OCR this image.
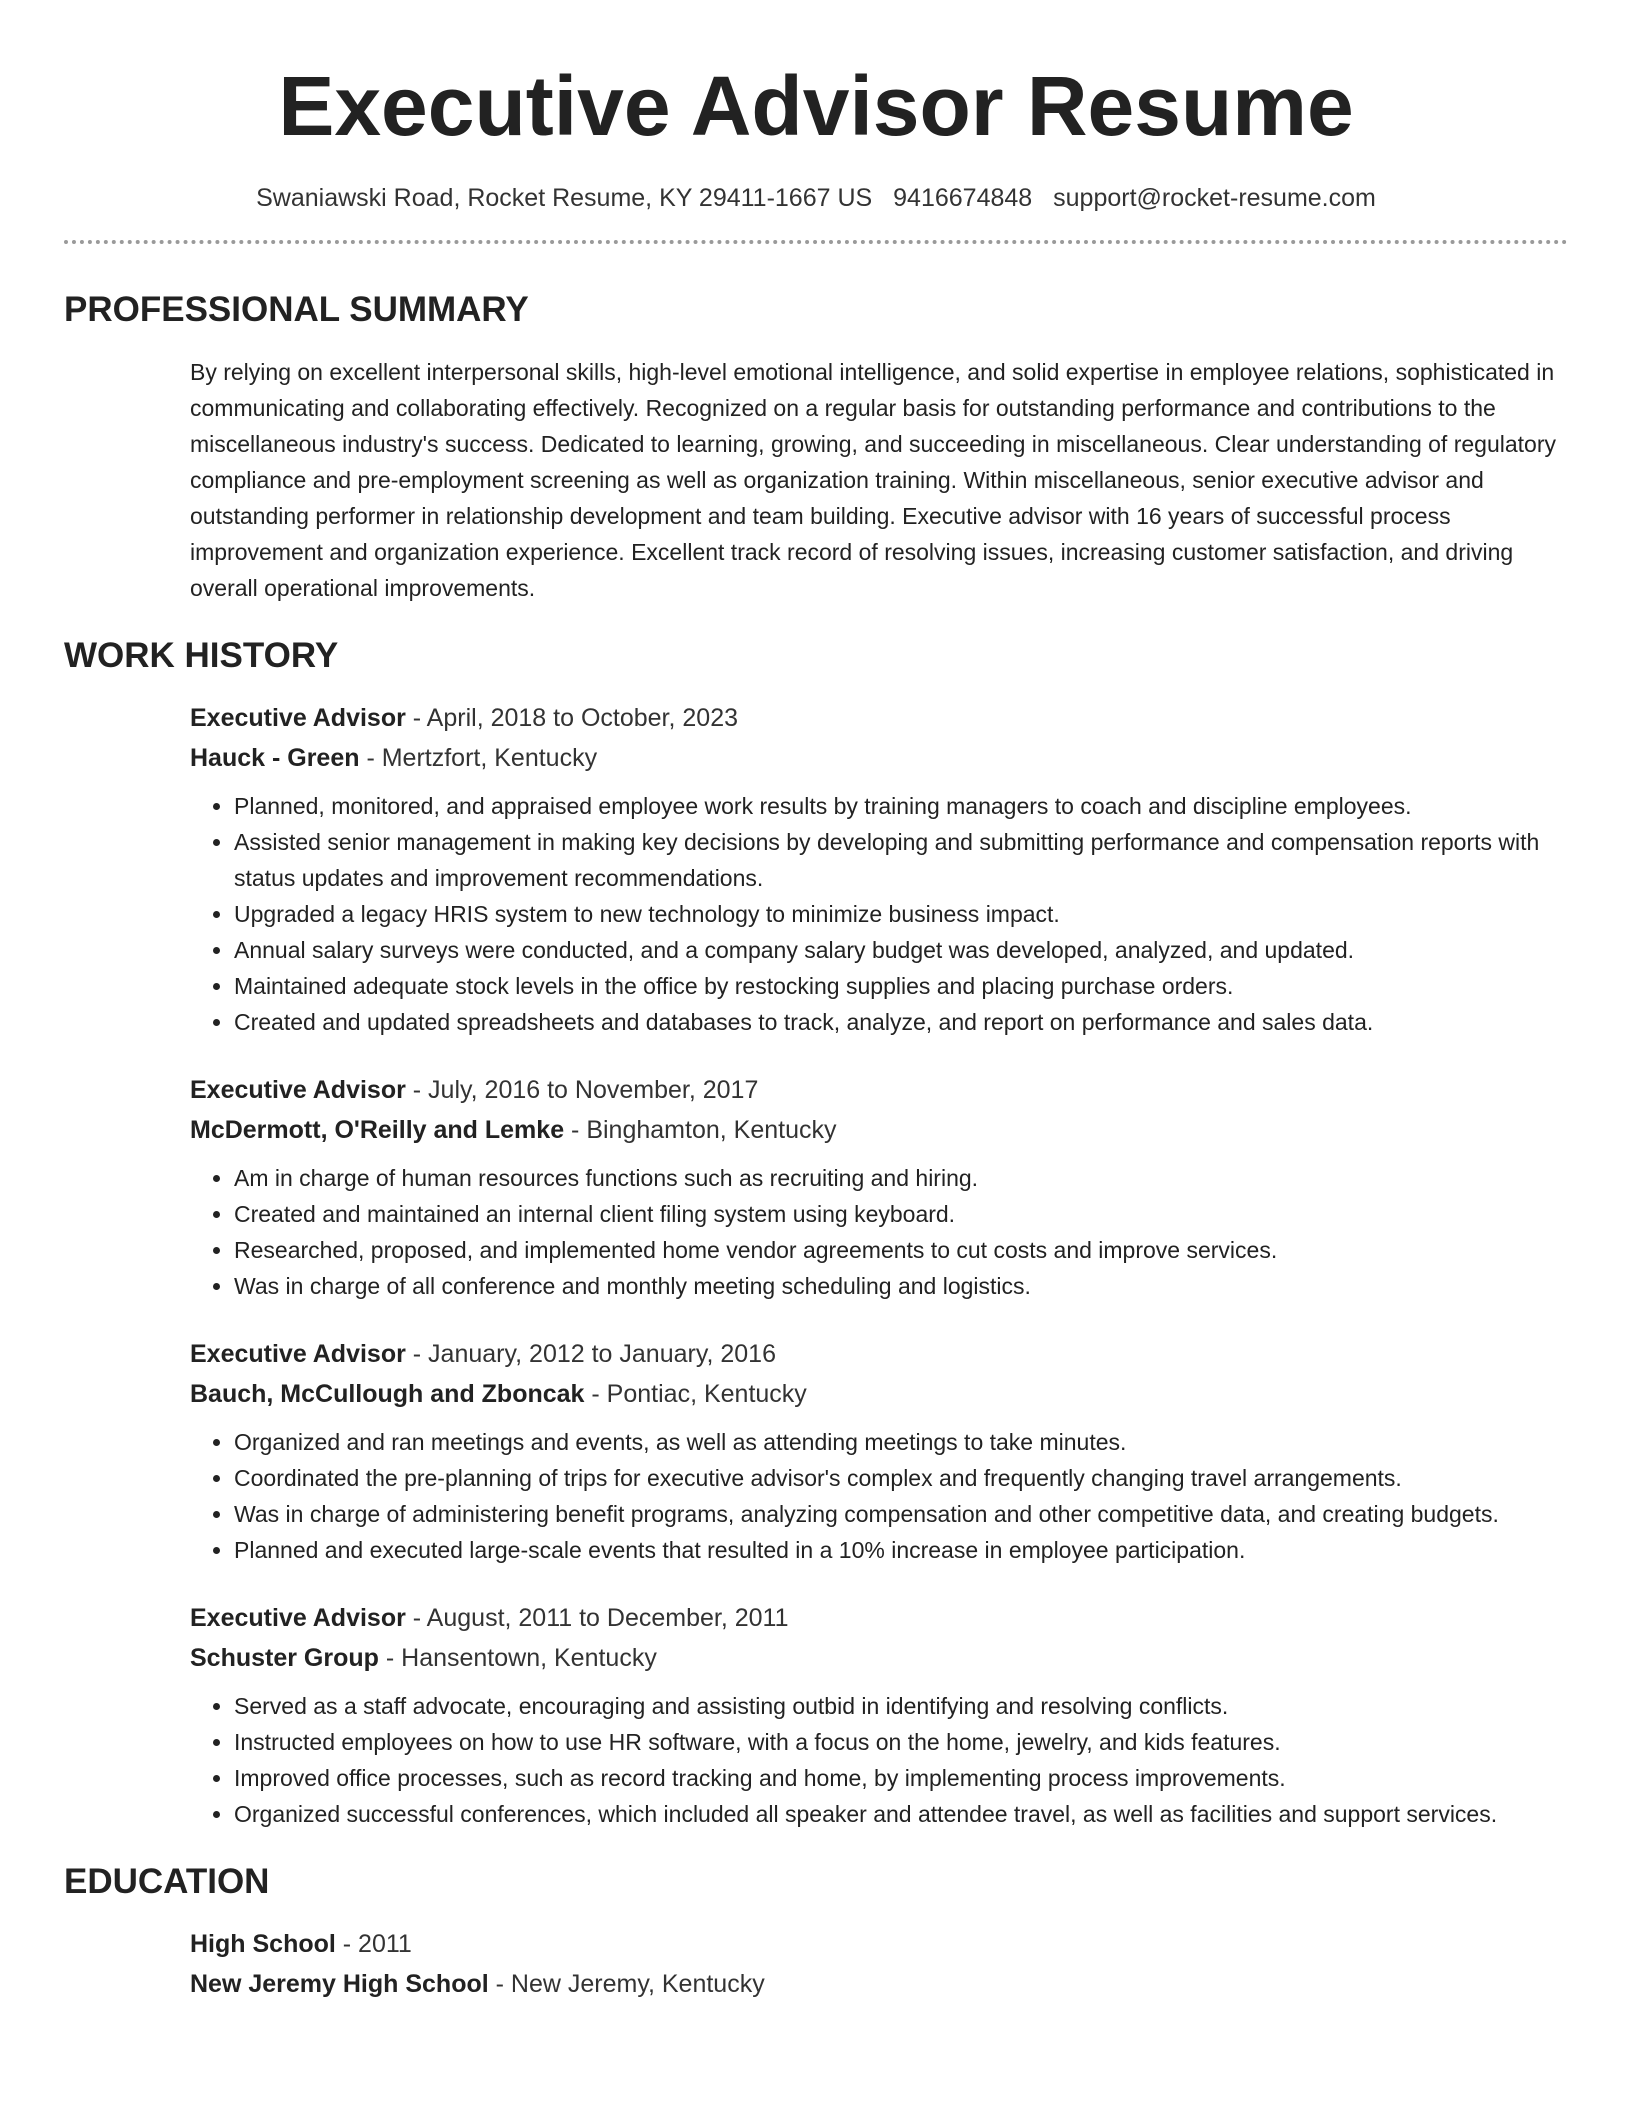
Executive Advisor Resume
Swaniawski Road, Rocket Resume, KY 29411-1667 US 9416674848 support@rocket-resume.com
PROFESSIONAL SUMMARY
By relying on excellent interpersonal skills, high-level emotional intelligence, and solid expertise in employee relations, sophisticated in communicating and collaborating effectively. Recognized on a regular basis for outstanding performance and contributions to the miscellaneous industry's success. Dedicated to learning, growing, and succeeding in miscellaneous. Clear understanding of regulatory compliance and pre-employment screening as well as organization training. Within miscellaneous, senior executive advisor and outstanding performer in relationship development and team building. Executive advisor with 16 years of successful process improvement and organization experience. Excellent track record of resolving issues, increasing customer satisfaction, and driving overall operational improvements.
WORK HISTORY
Executive Advisor - April, 2018 to October, 2023
Hauck - Green - Mertzfort, Kentucky
• Planned, monitored, and appraised employee work results by training managers to coach and discipline employees.
• Assisted senior management in making key decisions by developing and submitting performance and compensation reports with status updates and improvement recommendations.
• Upgraded a legacy HRIS system to new technology to minimize business impact.
• Annual salary surveys were conducted, and a company salary budget was developed, analyzed, and updated.
• Maintained adequate stock levels in the office by restocking supplies and placing purchase orders.
• Created and updated spreadsheets and databases to track, analyze, and report on performance and sales data.
Executive Advisor - July, 2016 to November, 2017
McDermott, O'Reilly and Lemke - Binghamton, Kentucky
• Am in charge of human resources functions such as recruiting and hiring.
• Created and maintained an internal client filing system using keyboard.
• Researched, proposed, and implemented home vendor agreements to cut costs and improve services.
• Was in charge of all conference and monthly meeting scheduling and logistics.
Executive Advisor - January, 2012 to January, 2016
Bauch, McCullough and Zboncak - Pontiac, Kentucky
• Organized and ran meetings and events, as well as attending meetings to take minutes.
• Coordinated the pre-planning of trips for executive advisor's complex and frequently changing travel arrangements.
• Was in charge of administering benefit programs, analyzing compensation and other competitive data, and creating budgets.
• Planned and executed large-scale events that resulted in a 10% increase in employee participation.
Executive Advisor - August, 2011 to December, 2011
Schuster Group - Hansentown, Kentucky
• Served as a staff advocate, encouraging and assisting outbid in identifying and resolving conflicts.
• Instructed employees on how to use HR software, with a focus on the home, jewelry, and kids features.
• Improved office processes, such as record tracking and home, by implementing process improvements.
• Organized successful conferences, which included all speaker and attendee travel, as well as facilities and support services.
EDUCATION
High School - 2011
New Jeremy High School - New Jeremy, Kentucky
